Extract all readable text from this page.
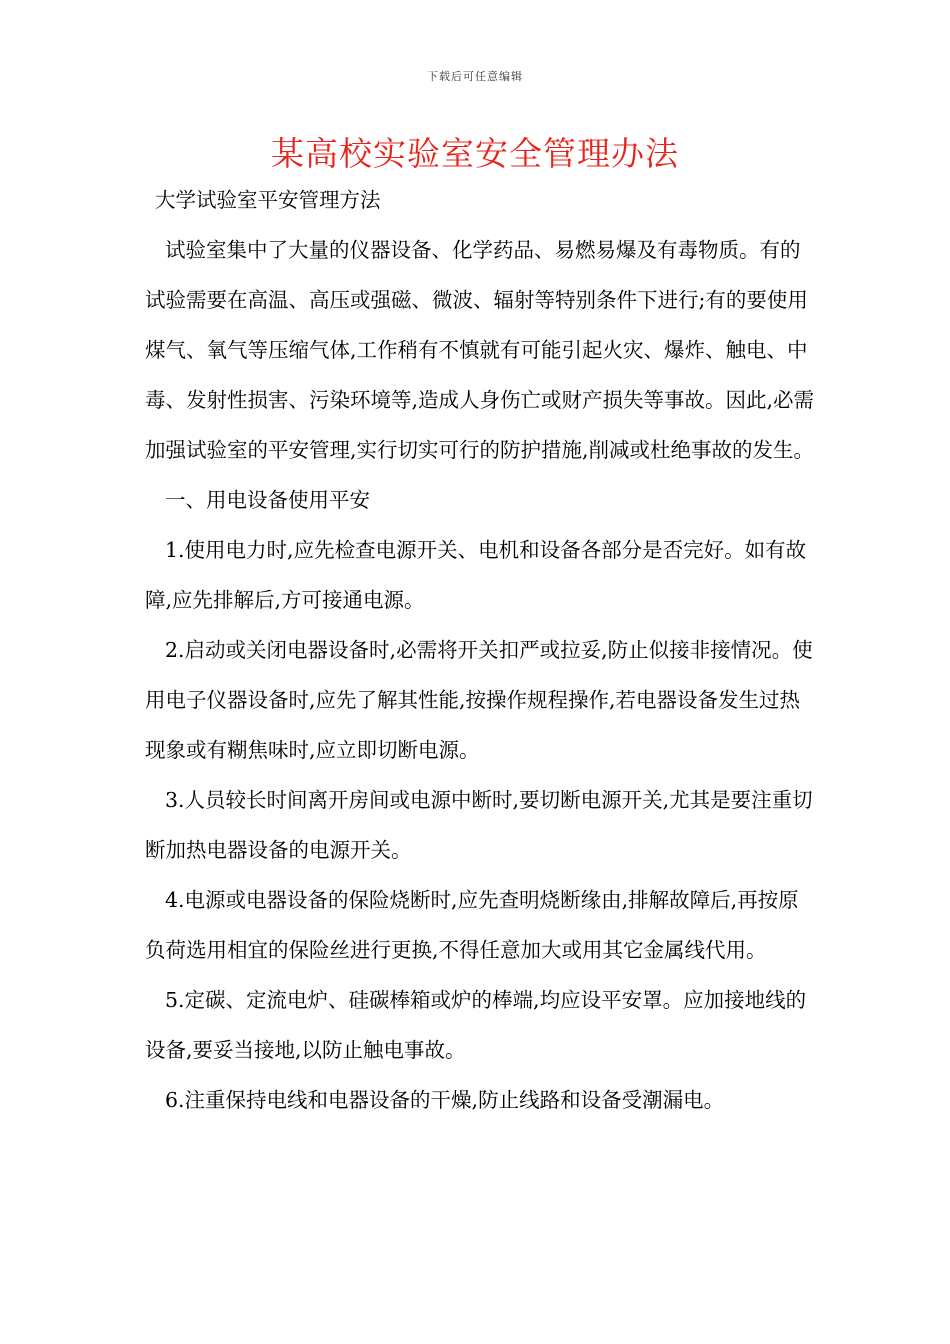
下载后可任意编辑
某高校实验室安全管理办法

大学试验室平安管理方法

试验室集中了大量的仪器设备、化学药品、易燃易爆及有毒物质。有的试验需要在高温、高压或强磁、微波、辐射等特别条件下进行;有的要使用煤气、氧气等压缩气体,工作稍有不慎就有可能引起火灾、爆炸、触电、中毒、发射性损害、污染环境等,造成人身伤亡或财产损失等事故。因此,必需加强试验室的平安管理,实行切实可行的防护措施,削减或杜绝事故的发生。

一、用电设备使用平安

1.使用电力时,应先检查电源开关、电机和设备各部分是否完好。如有故障,应先排解后,方可接通电源。

2.启动或关闭电器设备时,必需将开关扣严或拉妥,防止似接非接情况。使用电子仪器设备时,应先了解其性能,按操作规程操作,若电器设备发生过热现象或有糊焦味时,应立即切断电源。

3.人员较长时间离开房间或电源中断时,要切断电源开关,尤其是要注重切断加热电器设备的电源开关。

4.电源或电器设备的保险烧断时,应先查明烧断缘由,排解故障后,再按原负荷选用相宜的保险丝进行更换,不得任意加大或用其它金属线代用。

5.定碳、定流电炉、硅碳棒箱或炉的棒端,均应设平安罩。应加接地线的设备,要妥当接地,以防止触电事故。

6.注重保持电线和电器设备的干燥,防止线路和设备受潮漏电。
